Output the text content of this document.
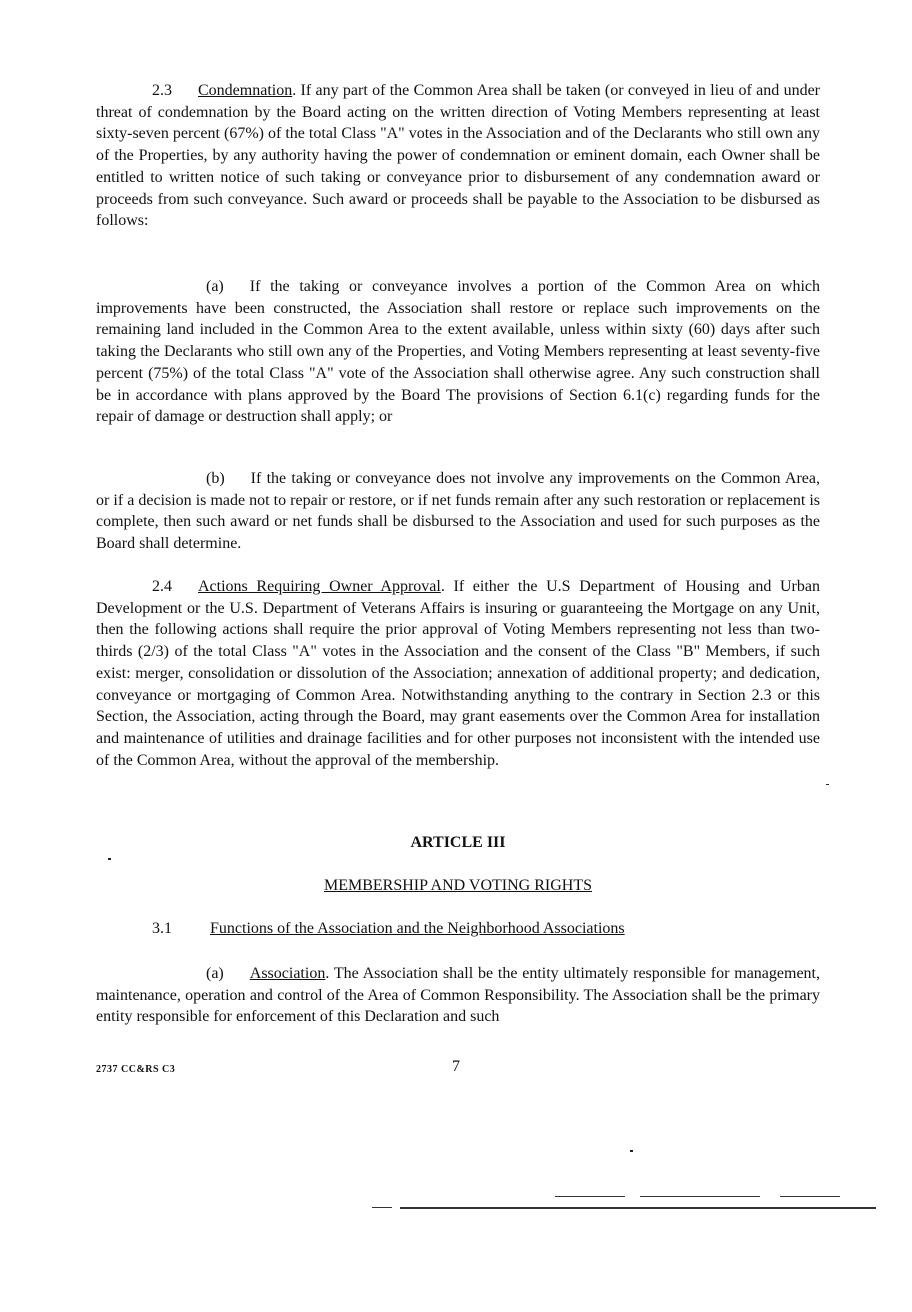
2.3 Condemnation. If any part of the Common Area shall be taken (or conveyed in lieu of and under threat of condemnation by the Board acting on the written direction of Voting Members representing at least sixty-seven percent (67%) of the total Class "A" votes in the Association and of the Declarants who still own any of the Properties, by any authority having the power of condemnation or eminent domain, each Owner shall be entitled to written notice of such taking or conveyance prior to disbursement of any condemnation award or proceeds from such conveyance. Such award or proceeds shall be payable to the Association to be disbursed as follows:

(a) If the taking or conveyance involves a portion of the Common Area on which improvements have been constructed, the Association shall restore or replace such improvements on the remaining land included in the Common Area to the extent available, unless within sixty (60) days after such taking the Declarants who still own any of the Properties, and Voting Members representing at least seventy-five percent (75%) of the total Class "A" vote of the Association shall otherwise agree. Any such construction shall be in accordance with plans approved by the Board The provisions of Section 6.1(c) regarding funds for the repair of damage or destruction shall apply; or

(b) If the taking or conveyance does not involve any improvements on the Common Area, or if a decision is made not to repair or restore, or if net funds remain after any such restoration or replacement is complete, then such award or net funds shall be disbursed to the Association and used for such purposes as the Board shall determine.

2.4 Actions Requiring Owner Approval. If either the U.S Department of Housing and Urban Development or the U.S. Department of Veterans Affairs is insuring or guaranteeing the Mortgage on any Unit, then the following actions shall require the prior approval of Voting Members representing not less than two-thirds (2/3) of the total Class "A" votes in the Association and the consent of the Class "B" Members, if such exist: merger, consolidation or dissolution of the Association; annexation of additional property; and dedication, conveyance or mortgaging of Common Area. Notwithstanding anything to the contrary in Section 2.3 or this Section, the Association, acting through the Board, may grant easements over the Common Area for installation and maintenance of utilities and drainage facilities and for other purposes not inconsistent with the intended use of the Common Area, without the approval of the membership.

ARTICLE III

MEMBERSHIP AND VOTING RIGHTS

3.1 Functions of the Association and the Neighborhood Associations

(a) Association. The Association shall be the entity ultimately responsible for management, maintenance, operation and control of the Area of Common Responsibility. The Association shall be the primary entity responsible for enforcement of this Declaration and such

2737 CC&RS C3	7
